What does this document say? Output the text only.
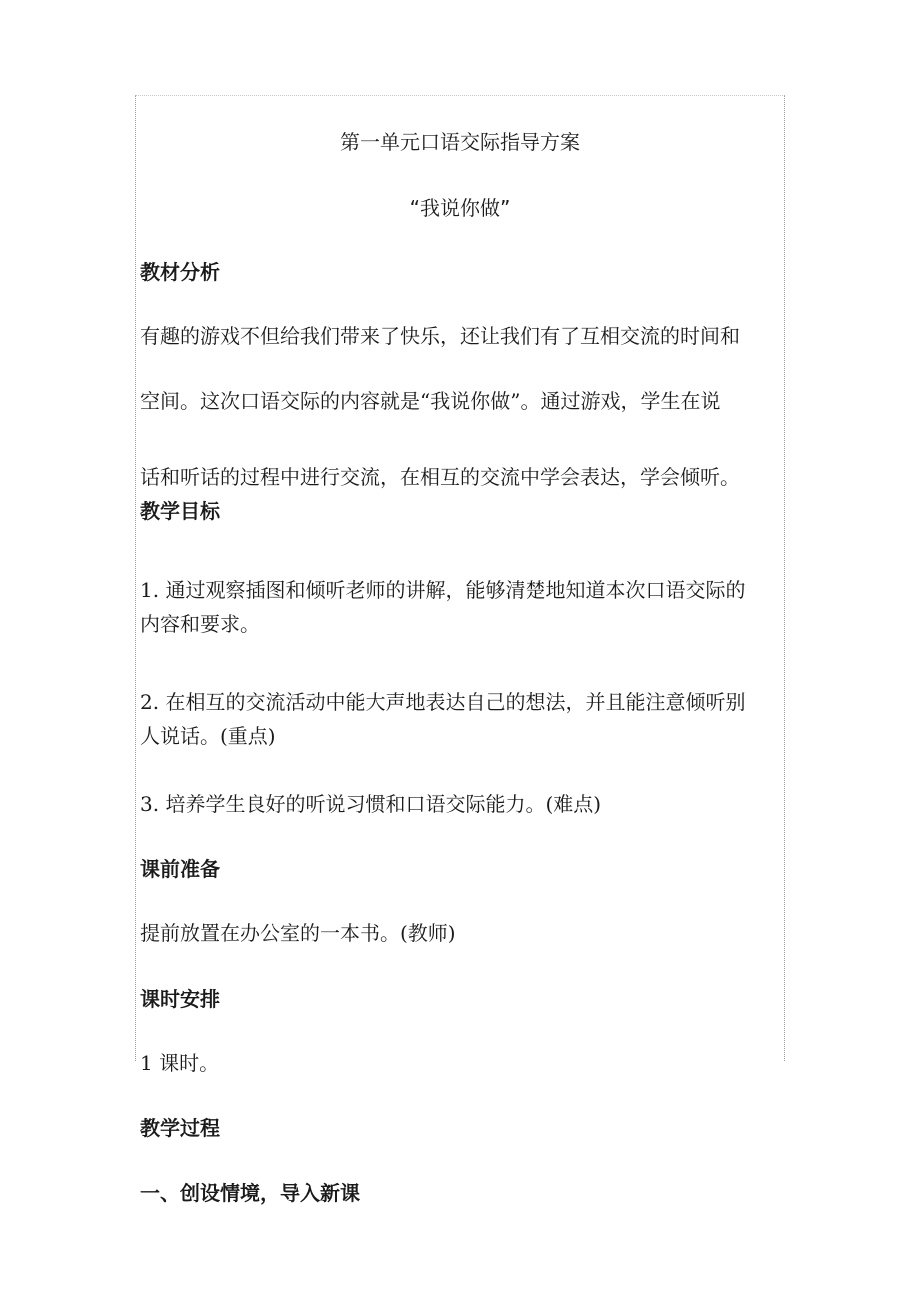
第一单元口语交际指导方案
“我说你做”
教材分析
有趣的游戏不但给我们带来了快乐，还让我们有了互相交流的时间和
空间。这次口语交际的内容就是“我说你做”。通过游戏，学生在说
话和听话的过程中进行交流，在相互的交流中学会表达，学会倾听。
教学目标
1. 通过观察插图和倾听老师的讲解，能够清楚地知道本次口语交际的
内容和要求。
2. 在相互的交流活动中能大声地表达自己的想法，并且能注意倾听别
人说话。(重点)
3. 培养学生良好的听说习惯和口语交际能力。(难点)
课前准备
提前放置在办公室的一本书。(教师)
课时安排
1 课时。
教学过程
一、创设情境，导入新课
